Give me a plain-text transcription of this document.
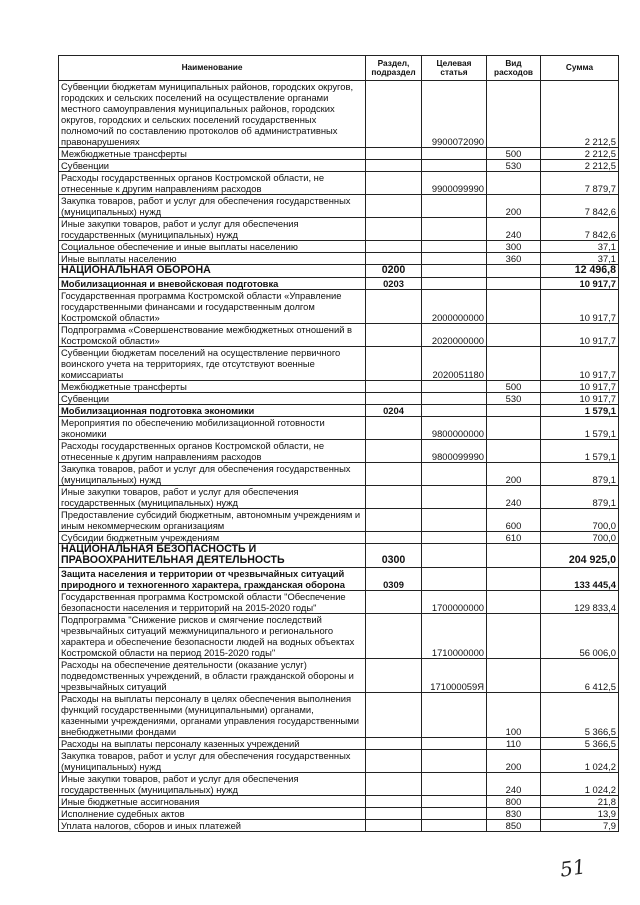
Наименование	Раздел, подраздел	Целевая статья	Вид расходов	Сумма
Субвенции бюджетам муниципальных районов, городских округов, городских и сельских поселений на осуществление органами местного самоуправления муниципальных районов, городских округов, городских и сельских поселений государственных полномочий по составлению протоколов об административных правонарушениях		9900072090		2 212,5
Межбюджетные трансферты			500	2 212,5
Субвенции			530	2 212,5
Расходы государственных органов Костромской области, не отнесенные к другим направлениям расходов		9900099990		7 879,7
Закупка товаров, работ и услуг для обеспечения государственных (муниципальных) нужд			200	7 842,6
Иные закупки товаров, работ и услуг для обеспечения государственных (муниципальных) нужд			240	7 842,6
Социальное обеспечение и иные выплаты населению			300	37,1
Иные выплаты населению			360	37,1
НАЦИОНАЛЬНАЯ ОБОРОНА	0200			12 496,8
Мобилизационная и вневойсковая подготовка	0203			10 917,7
Государственная программа Костромской области «Управление государственными финансами и государственным долгом Костромской области»		2000000000		10 917,7
Подпрограмма «Совершенствование межбюджетных отношений в Костромской области»		2020000000		10 917,7
Субвенции бюджетам поселений на осуществление первичного воинского учета на территориях, где отсутствуют военные комиссариаты		2020051180		10 917,7
Межбюджетные трансферты			500	10 917,7
Субвенции			530	10 917,7
Мобилизационная подготовка экономики	0204			1 579,1
Мероприятия по обеспечению мобилизационной готовности экономики		9800000000		1 579,1
Расходы государственных органов Костромской области, не отнесенные к другим направлениям расходов		9800099990		1 579,1
Закупка товаров, работ и услуг для обеспечения государственных (муниципальных) нужд			200	879,1
Иные закупки товаров, работ и услуг для обеспечения государственных (муниципальных) нужд			240	879,1
Предоставление субсидий бюджетным, автономным учреждениям и иным некоммерческим организациям			600	700,0
Субсидии бюджетным учреждениям			610	700,0
НАЦИОНАЛЬНАЯ БЕЗОПАСНОСТЬ И ПРАВООХРАНИТЕЛЬНАЯ ДЕЯТЕЛЬНОСТЬ	0300			204 925,0
Защита населения и территории от чрезвычайных ситуаций природного и техногенного характера, гражданская оборона	0309			133 445,4
Государственная программа Костромской области "Обеспечение безопасности населения и территорий на 2015-2020 годы"		1700000000		129 833,4
Подпрограмма "Снижение рисков и смягчение последствий чрезвычайных ситуаций межмуниципального и регионального характера и обеспечение безопасности людей на водных объектах Костромской области на период 2015-2020 годы"		1710000000		56 006,0
Расходы на обеспечение деятельности (оказание услуг) подведомственных учреждений, в области гражданской обороны и чрезвычайных ситуаций		171000059Я		6 412,5
Расходы на выплаты персоналу в целях обеспечения выполнения функций государственными (муниципальными) органами, казенными учреждениями, органами управления государственными внебюджетными фондами			100	5 366,5
Расходы на выплаты персоналу казенных учреждений			110	5 366,5
Закупка товаров, работ и услуг для обеспечения государственных (муниципальных) нужд			200	1 024,2
Иные закупки товаров, работ и услуг для обеспечения государственных (муниципальных) нужд			240	1 024,2
Иные бюджетные ассигнования			800	21,8
Исполнение судебных актов			830	13,9
Уплата налогов, сборов и иных платежей			850	7,9
51
